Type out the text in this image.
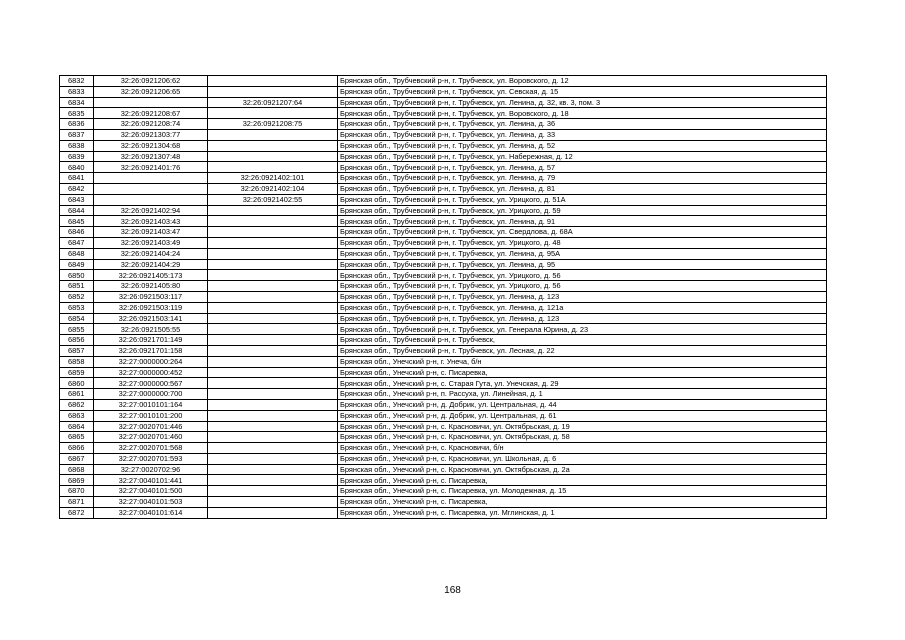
6832	32:26:0921206:62		Брянская обл., Трубчевский р-н, г. Трубчевск, ул. Воровского, д. 12
6833	32:26:0921206:65		Брянская обл., Трубчевский р-н, г. Трубчевск, ул. Севская, д. 15
6834		32:26:0921207:64	Брянская обл., Трубчевский р-н, г. Трубчевск, ул. Ленина, д. 32, кв. 3, пом. 3
6835	32:26:0921208:67		Брянская обл., Трубчевский р-н, г. Трубчевск, ул. Воровского, д. 18
6836	32:26:0921208:74	32:26:0921208:75	Брянская обл., Трубчевский р-н, г. Трубчевск, ул. Ленина, д. 36
6837	32:26:0921303:77		Брянская обл., Трубчевский р-н, г. Трубчевск, ул. Ленина, д. 33
6838	32:26:0921304:68		Брянская обл., Трубчевский р-н, г. Трубчевск, ул. Ленина, д. 52
6839	32:26:0921307:48		Брянская обл., Трубчевский р-н, г. Трубчевск, ул. Набережная, д. 12
6840	32:26:0921401:76		Брянская обл., Трубчевский р-н, г. Трубчевск, ул. Ленина, д. 57
6841		32:26:0921402:101	Брянская обл., Трубчевский р-н, г. Трубчевск, ул. Ленина, д. 79
6842		32:26:0921402:104	Брянская обл., Трубчевский р-н, г. Трубчевск, ул. Ленина, д. 81
6843		32:26:0921402:55	Брянская обл., Трубчевский р-н, г. Трубчевск, ул. Урицкого, д. 51А
6844	32:26:0921402:94		Брянская обл., Трубчевский р-н, г. Трубчевск, ул. Урицкого, д. 59
6845	32:26:0921403:43		Брянская обл., Трубчевский р-н, г. Трубчевск, ул. Ленина, д. 91
6846	32:26:0921403:47		Брянская обл., Трубчевский р-н, г. Трубчевск, ул. Свердлова, д. 68А
6847	32:26:0921403:49		Брянская обл., Трубчевский р-н, г. Трубчевск, ул. Урицкого, д. 48
6848	32:26:0921404:24		Брянская обл., Трубчевский р-н, г. Трубчевск, ул. Ленина, д. 95А
6849	32:26:0921404:29		Брянская обл., Трубчевский р-н, г. Трубчевск, ул. Ленина, д. 95
6850	32:26:0921405:173		Брянская обл., Трубчевский р-н, г. Трубчевск, ул. Урицкого, д. 56
6851	32:26:0921405:80		Брянская обл., Трубчевский р-н, г. Трубчевск, ул. Урицкого, д. 56
6852	32:26:0921503:117		Брянская обл., Трубчевский р-н, г. Трубчевск, ул. Ленина, д. 123
6853	32:26:0921503:119		Брянская обл., Трубчевский р-н, г. Трубчевск, ул. Ленина, д. 121а
6854	32:26:0921503:141		Брянская обл., Трубчевский р-н, г. Трубчевск, ул. Ленина, д. 123
6855	32:26:0921505:55		Брянская обл., Трубчевский р-н, г. Трубчевск, ул. Генерала Юрина, д. 23
6856	32:26:0921701:149		Брянская обл., Трубчевский р-н, г. Трубчевск,
6857	32:26:0921701:158		Брянская обл., Трубчевский р-н, г. Трубчевск, ул. Лесная, д. 22
6858	32:27:0000000:264		Брянская обл., Унечский р-н, г. Унеча, б/н
6859	32:27:0000000:452		Брянская обл., Унечский р-н, с. Писаревка,
6860	32:27:0000000:567		Брянская обл., Унечский р-н, с. Старая Гута, ул. Унечская, д. 29
6861	32:27:0000000:700		Брянская обл., Унечский р-н, п. Рассуха, ул. Линейная, д. 1
6862	32:27:0010101:164		Брянская обл., Унечский р-н, д. Добрик, ул. Центральная, д. 44
6863	32:27:0010101:200		Брянская обл., Унечский р-н, д. Добрик, ул. Центральная, д. 61
6864	32:27:0020701:446		Брянская обл., Унечский р-н, с. Красновичи, ул. Октябрьская, д. 19
6865	32:27:0020701:460		Брянская обл., Унечский р-н, с. Красновичи, ул. Октябрьская, д. 58
6866	32:27:0020701:568		Брянская обл., Унечский р-н, с. Красновичи, б/н
6867	32:27:0020701:593		Брянская обл., Унечский р-н, с. Красновичи, ул. Школьная, д. 6
6868	32:27:0020702:96		Брянская обл., Унечский р-н, с. Красновичи, ул. Октябрьская, д. 2а
6869	32:27:0040101:441		Брянская обл., Унечский р-н, с. Писаревка,
6870	32:27:0040101:500		Брянская обл., Унечский р-н, с. Писаревка, ул. Молодежная, д. 15
6871	32:27:0040101:503		Брянская обл., Унечский р-н, с. Писаревка,
6872	32:27:0040101:614		Брянская обл., Унечский р-н, с. Писаревка, ул. Мглинская, д. 1
168
